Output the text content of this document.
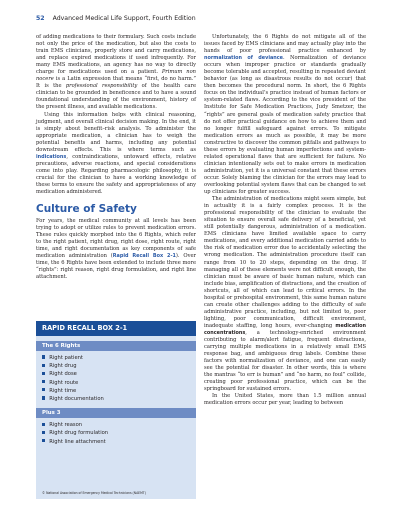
52 Advanced Medical Life Support, Fourth Edition

of adding medications to their formulary. Such costs include not only the price of the medication, but also the costs to train EMS clinicians, properly store and carry medications, and replace expired medications if used infrequently. For many EMS medications, an agency has no way to directly charge for medications used on a patient. Primum non nocere is a Latin expression that means “first, do no harm.” It is the professional responsibility of the health care clinician to be grounded in beneficence and to have a sound foundational understanding of the environment, history of the present illness, and available medications.

Using this information helps with clinical reasoning, judgment, and overall clinical decision making. In the end, it is simply about benefit–risk analysis. To administer the appropriate medication, a clinician has to weigh the potential benefits and harms, including any potential downstream effects. This is where terms such as indications, contraindications, untoward effects, relative precautions, adverse reactions, and special considerations come into play. Regarding pharmacologic philosophy, it is crucial for the clinician to have a working knowledge of these terms to ensure the safety and appropriateness of any medication administered.

Culture of Safety

For years, the medical community at all levels has been trying to adopt or utilize rules to prevent medication errors. These rules quickly morphed into the 6 Rights, which refer to the right patient, right drug, right dose, right route, right time, and right documentation as key components of safe medication administration (Rapid Recall Box 2-1). Over time, the 6 Rights have been extended to include three more “rights”: right reason, right drug formulation, and right line attachment.

RAPID RECALL BOX 2-1
The 6 Rights
Right patient
Right drug
Right dose
Right route
Right time
Right documentation
Plus 3
Right reason
Right drug formulation
Right line attachment
© National Association of Emergency Medical Technicians (NAEMT)

Unfortunately, the 6 Rights do not mitigate all of the issues faced by EMS clinicians and may actually play into the hands of poor professional practice enhanced by normalization of deviance. Normalization of deviance occurs when improper practice or standards gradually become tolerable and accepted, resulting in repeated deviant behavior (as long as disastrous results do not occur) that then becomes the procedural norm. In short, the 6 Rights focus on the individual’s practice instead of human factors or system-related flaws. According to the vice president of the Institute for Safe Medication Practices, Judy Smetzer, the “rights” are general goals of medication safety practice that do not offer practical guidance on how to achieve them and no longer fulfill safeguard against errors. To mitigate medication errors as much as possible, it may be more constructive to discover the common pitfalls and pathways to these errors by evaluating human imperfections and system-related operational flaws that are sufficient for failure. No clinician intentionally sets out to make errors in medication administration, yet it is a universal constant that these errors occur. Solely blaming the clinician for the errors may lead to overlooking potential system flaws that can be changed to set up clinicians for greater success.

The administration of medications might seem simple, but in actuality it is a fairly complex process. It is the professional responsibility of the clinician to evaluate the situation to ensure overall safe delivery of a beneficial, yet still potentially dangerous, administration of a medication. EMS clinicians have limited available space to carry medications, and every additional medication carried adds to the risk of medication error due to accidentally selecting the wrong medication. The administration procedure itself can range from 10 to 20 steps, depending on the drug. If managing all of these elements were not difficult enough, the clinician must be aware of basic human nature, which can include bias, amplification of distractions, and the creation of shortcuts, all of which can lead to critical errors. In the hospital or prehospital environment, this same human nature can create other challenges adding to the difficulty of safe administrative practice, including, but not limited to, poor lighting, poor communication, difficult environment, inadequate staffing, long hours, ever-changing medication concentrations, a technology-enriched environment contributing to alarm/alert fatigue, frequent distractions, carrying multiple medications in a relatively small EMS response bag, and ambiguous drug labels. Combine these factors with normalization of deviance, and one can easily see the potential for disaster. In other words, this is where the mantras “to err is human” and “no harm, no foul” collide, creating poor professional practice, which can be the springboard for sustained errors.

In the United States, more than 1.5 million annual medication errors occur per year, leading to between
